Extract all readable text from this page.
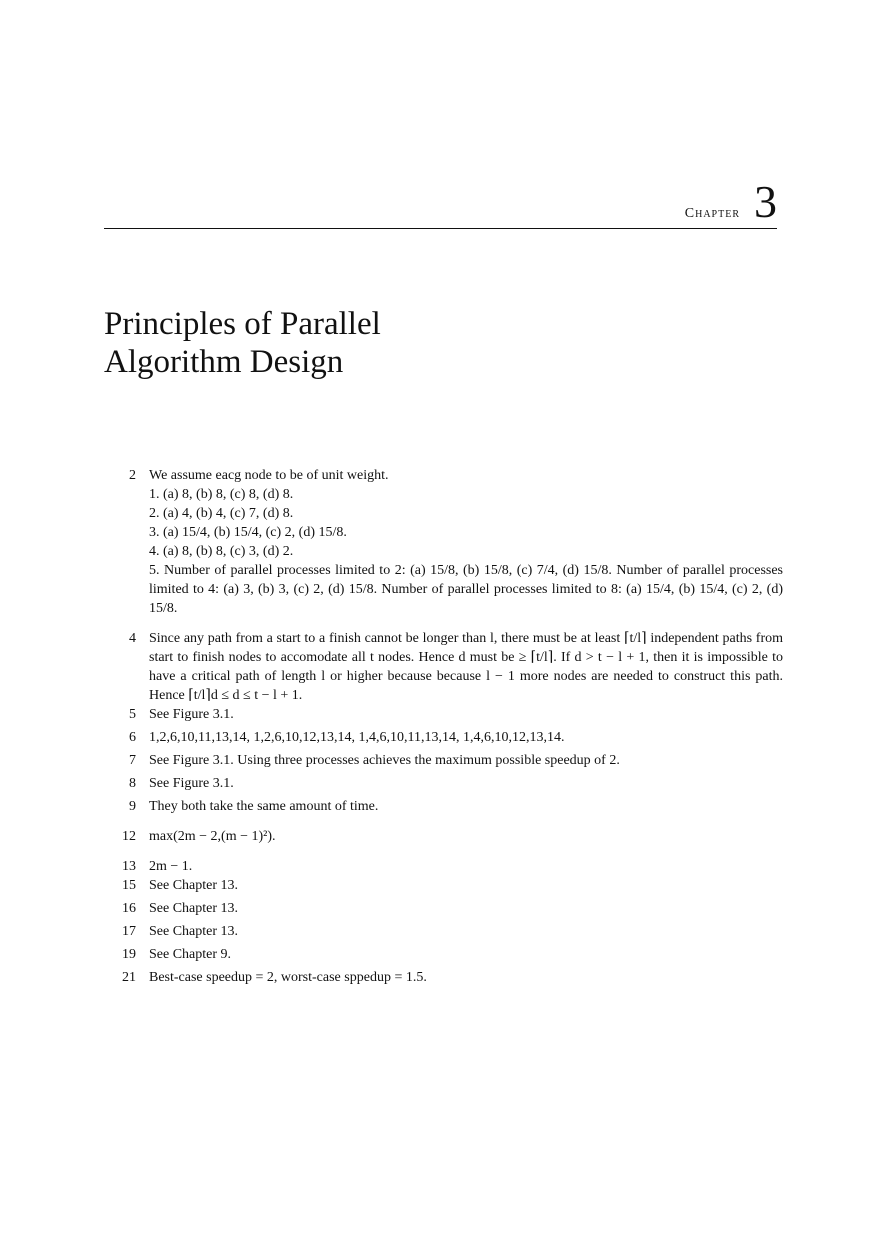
Chapter 3
Principles of Parallel
Algorithm Design
2 We assume eacg node to be of unit weight.
1. (a) 8, (b) 8, (c) 8, (d) 8.
2. (a) 4, (b) 4, (c) 7, (d) 8.
3. (a) 15/4, (b) 15/4, (c) 2, (d) 15/8.
4. (a) 8, (b) 8, (c) 3, (d) 2.
5. Number of parallel processes limited to 2: (a) 15/8, (b) 15/8, (c) 7/4, (d) 15/8. Number of parallel processes limited to 4: (a) 3, (b) 3, (c) 2, (d) 15/8. Number of parallel processes limited to 8: (a) 15/4, (b) 15/4, (c) 2, (d) 15/8.
4 Since any path from a start to a finish cannot be longer than l, there must be at least ⌈t/l⌉ independent paths from start to finish nodes to accomodate all t nodes. Hence d must be ≥ ⌈t/l⌉. If d > t − l + 1, then it is impossible to have a critical path of length l or higher because because l − 1 more nodes are needed to construct this path. Hence ⌈t/l⌉d ≤ d ≤ t − l + 1.
5 See Figure 3.1.
6 1,2,6,10,11,13,14, 1,2,6,10,12,13,14, 1,4,6,10,11,13,14, 1,4,6,10,12,13,14.
7 See Figure 3.1. Using three processes achieves the maximum possible speedup of 2.
8 See Figure 3.1.
9 They both take the same amount of time.
12 max(2m − 2,(m − 1)²).
13 2m − 1.
15 See Chapter 13.
16 See Chapter 13.
17 See Chapter 13.
19 See Chapter 9.
21 Best-case speedup = 2, worst-case sppedup = 1.5.
